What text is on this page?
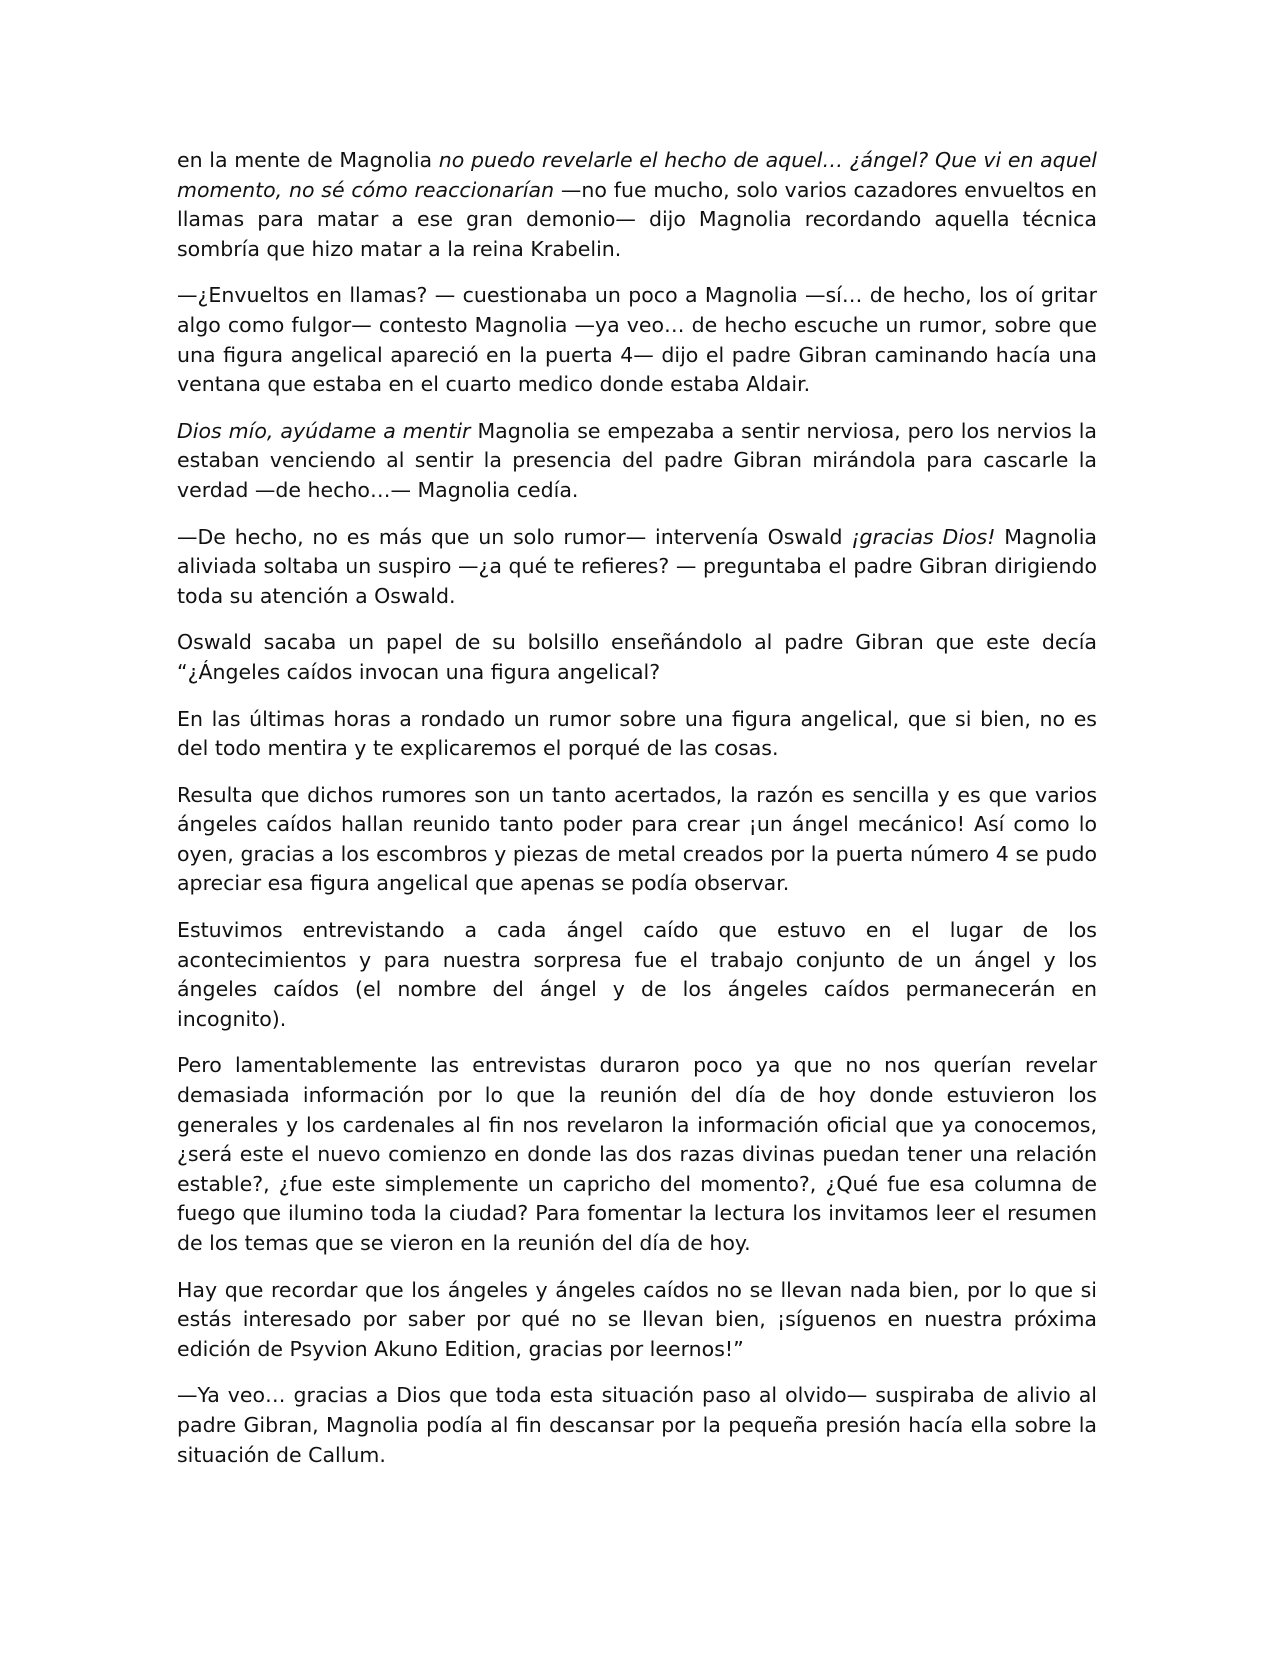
en la mente de Magnolia no puedo revelarle el hecho de aquel… ¿ángel? Que vi en aquel momento, no sé cómo reaccionarían —no fue mucho, solo varios cazadores envueltos en llamas para matar a ese gran demonio— dijo Magnolia recordando aquella técnica sombría que hizo matar a la reina Krabelin.

—¿Envueltos en llamas? — cuestionaba un poco a Magnolia —sí… de hecho, los oí gritar algo como fulgor— contesto Magnolia —ya veo… de hecho escuche un rumor, sobre que una figura angelical apareció en la puerta 4— dijo el padre Gibran caminando hacía una ventana que estaba en el cuarto medico donde estaba Aldair.

Dios mío, ayúdame a mentir Magnolia se empezaba a sentir nerviosa, pero los nervios la estaban venciendo al sentir la presencia del padre Gibran mirándola para cascarle la verdad —de hecho…— Magnolia cedía.

—De hecho, no es más que un solo rumor— intervenía Oswald ¡gracias Dios! Magnolia aliviada soltaba un suspiro —¿a qué te refieres? — preguntaba el padre Gibran dirigiendo toda su atención a Oswald.

Oswald sacaba un papel de su bolsillo enseñándolo al padre Gibran que este decía “¿Ángeles caídos invocan una figura angelical?

En las últimas horas a rondado un rumor sobre una figura angelical, que si bien, no es del todo mentira y te explicaremos el porqué de las cosas.

Resulta que dichos rumores son un tanto acertados, la razón es sencilla y es que varios ángeles caídos hallan reunido tanto poder para crear ¡un ángel mecánico! Así como lo oyen, gracias a los escombros y piezas de metal creados por la puerta número 4 se pudo apreciar esa figura angelical que apenas se podía observar.

Estuvimos entrevistando a cada ángel caído que estuvo en el lugar de los acontecimientos y para nuestra sorpresa fue el trabajo conjunto de un ángel y los ángeles caídos (el nombre del ángel y de los ángeles caídos permanecerán en incognito).

Pero lamentablemente las entrevistas duraron poco ya que no nos querían revelar demasiada información por lo que la reunión del día de hoy donde estuvieron los generales y los cardenales al fin nos revelaron la información oficial que ya conocemos, ¿será este el nuevo comienzo en donde las dos razas divinas puedan tener una relación estable?, ¿fue este simplemente un capricho del momento?, ¿Qué fue esa columna de fuego que ilumino toda la ciudad? Para fomentar la lectura los invitamos leer el resumen de los temas que se vieron en la reunión del día de hoy.

Hay que recordar que los ángeles y ángeles caídos no se llevan nada bien, por lo que si estás interesado por saber por qué no se llevan bien, ¡síguenos en nuestra próxima edición de Psyvion Akuno Edition, gracias por leernos!”

—Ya veo… gracias a Dios que toda esta situación paso al olvido— suspiraba de alivio al padre Gibran, Magnolia podía al fin descansar por la pequeña presión hacía ella sobre la situación de Callum.
